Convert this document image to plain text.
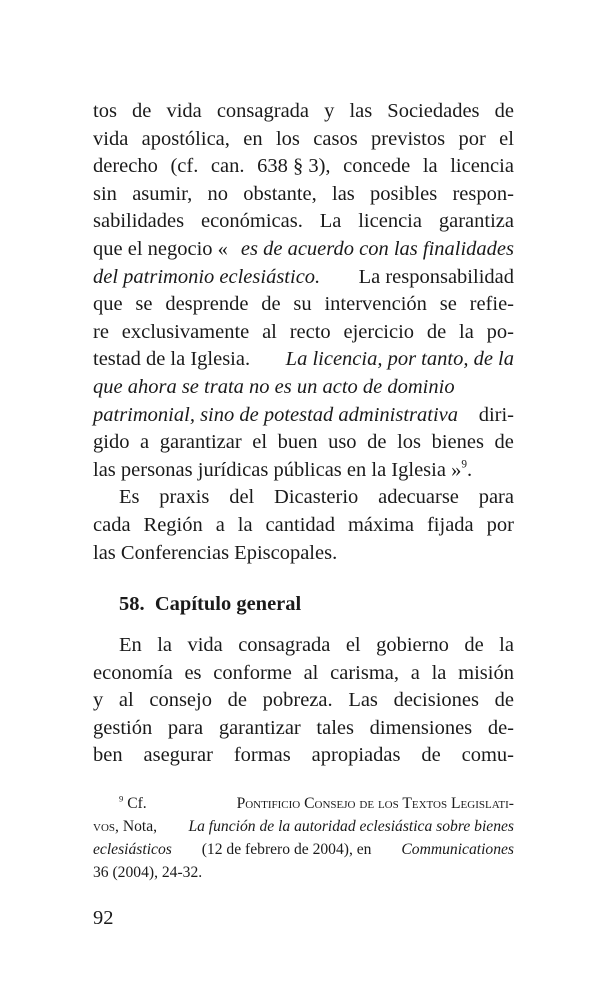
tos de vida consagrada y las Sociedades de
vida apostólica, en los casos previstos por el
derecho (cf. can. 638 § 3), concede la licencia
sin asumir, no obstante, las posibles respon-
sabilidades económicas. La licencia garantiza
que el negocio « es de acuerdo con las finalidades
del patrimonio eclesiástico. La responsabilidad
que se desprende de su intervención se refie-
re exclusivamente al recto ejercicio de la po-
testad de la Iglesia. La licencia, por tanto, de la
que ahora se trata no es un acto de dominio
patrimonial, sino de potestad administrativa diri-
gido a garantizar el buen uso de los bienes de
las personas jurídicas públicas en la Iglesia »$^9$.
Es praxis del Dicasterio adecuarse para
cada Región a la cantidad máxima fijada por
las Conferencias Episcopales.
58. Capítulo general
En la vida consagrada el gobierno de la
economía es conforme al carisma, a la misión
y al consejo de pobreza. Las decisiones de
gestión para garantizar tales dimensiones de-
ben asegurar formas apropiadas de comu-
$^9$ Cf.	Pontificio Consejo de los Textos Legislati-
vos, Nota, La función de la autoridad eclesiástica sobre bienes
eclesiásticos (12 de febrero de 2004), en Communicationes
36 (2004), 24-32.
92
